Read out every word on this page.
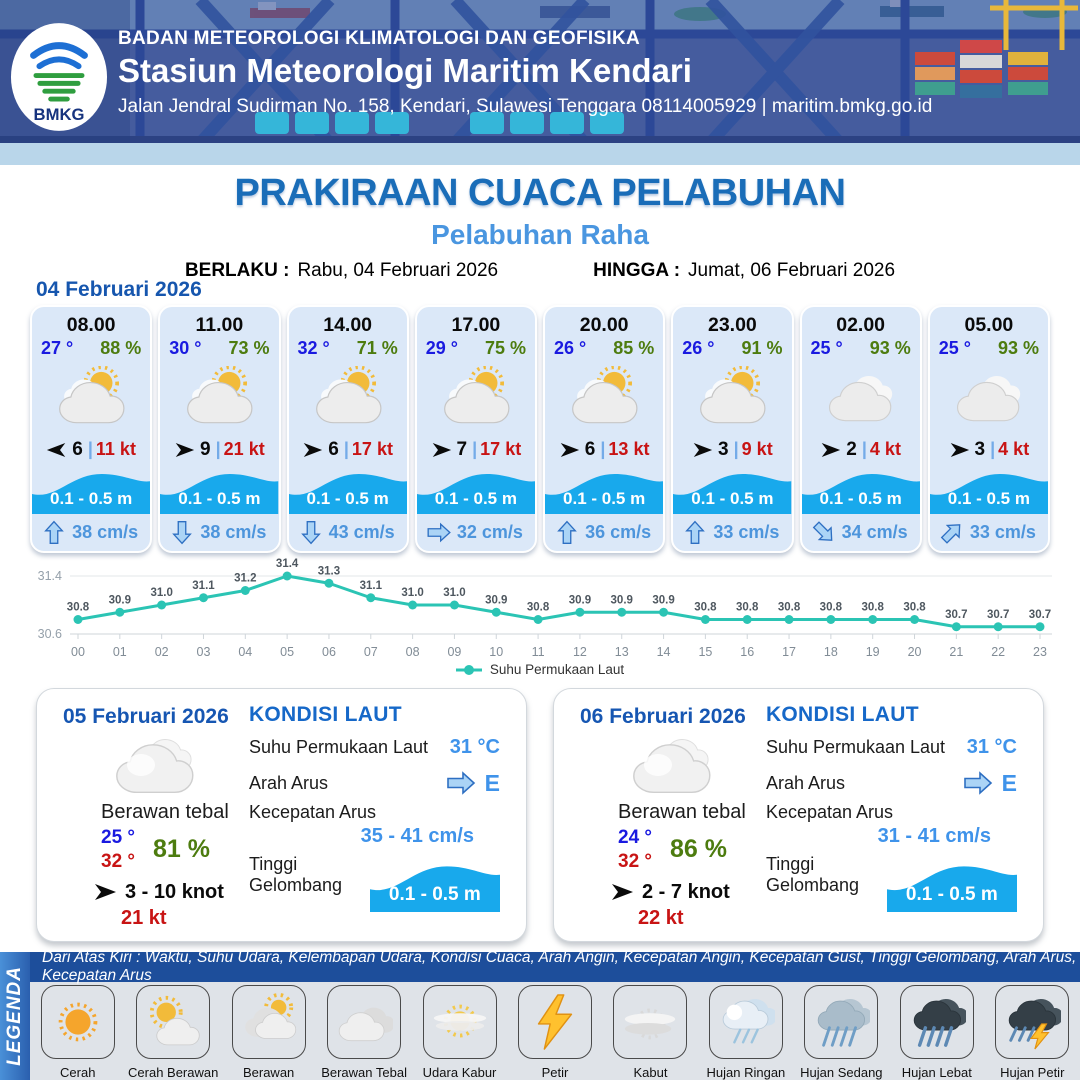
BMKG
BADAN METEOROLOGI KLIMATOLOGI DAN GEOFISIKA
Stasiun Meteorologi Maritim Kendari
Jalan Jendral Sudirman No. 158, Kendari, Sulawesi Tenggara 08114005929 | maritim.bmkg.go.id
PRAKIRAAN CUACA PELABUHAN
Pelabuhan Raha
BERLAKU : Rabu, 04 Februari 2026	HINGGA : Jumat, 06 Februari 2026
04 Februari 2026
08.00
27 ° 88 %
6 | 11 kt
0.1 - 0.5 m
38 cm/s
11.00
30 ° 73 %
9 | 21 kt
0.1 - 0.5 m
38 cm/s
14.00
32 ° 71 %
6 | 17 kt
0.1 - 0.5 m
43 cm/s
17.00
29 ° 75 %
7 | 17 kt
0.1 - 0.5 m
32 cm/s
20.00
26 ° 85 %
6 | 13 kt
0.1 - 0.5 m
36 cm/s
23.00
26 ° 91 %
3 | 9 kt
0.1 - 0.5 m
33 cm/s
02.00
25 ° 93 %
2 | 4 kt
0.1 - 0.5 m
34 cm/s
05.00
25 ° 93 %
3 | 4 kt
0.1 - 0.5 m
33 cm/s
31.4
30.6
30.8
00
30.9
01
31.0
02
31.1
03
31.2
04
31.4
05
31.3
06
31.1
07
31.0
08
31.0
09
30.9
10
30.8
11
30.9
12
30.9
13
30.9
14
30.8
15
30.8
16
30.8
17
30.8
18
30.8
19
30.8
20
30.7
21
30.7
22
30.7
23
Suhu Permukaan Laut
05 Februari 2026
Berawan tebal
25 °
32 ° 81 %
3 - 10 knot
21 kt
KONDISI LAUT
Suhu Permukaan Laut 31 °C
Arah Arus	E
Kecepatan Arus
35 - 41 cm/s
Tinggi Gelombang	0.1 - 0.5 m
06 Februari 2026
Berawan tebal
24 °
32 ° 86 %
2 - 7 knot
22 kt
KONDISI LAUT
Suhu Permukaan Laut 31 °C
Arah Arus	E
Kecepatan Arus
31 - 41 cm/s
Tinggi Gelombang	0.1 - 0.5 m
LEGENDA
Dari Atas Kiri : Waktu, Suhu Udara, Kelembapan Udara, Kondisi Cuaca, Arah Angin, Kecepatan Angin, Kecepatan Gust, Tinggi Gelombang, Arah Arus, Kecepatan Arus
Cerah	Cerah Berawan Berawan Berawan Tebal Udara Kabur	Petir	Kabut	Hujan Ringan Hujan Sedang Hujan Lebat Hujan Petir
